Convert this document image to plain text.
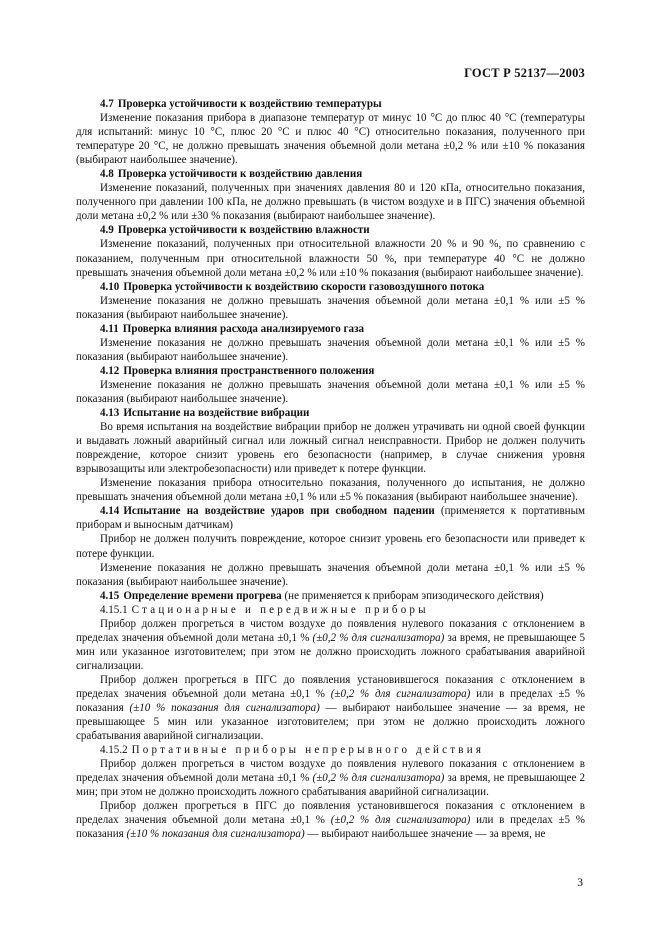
ГОСТ Р 52137—2003

4.7 Проверка устойчивости к воздействию температуры

Изменение показания прибора в диапазоне температур от минус 10 °С до плюс 40 °С (температуры для испытаний: минус 10 °С, плюс 20 °С и плюс 40 °С) относительно показания, полученного при температуре 20 °С, не должно превышать значения объемной доли метана ±0,2 % или ±10 % показания (выбирают наибольшее значение).

4.8 Проверка устойчивости к воздействию давления

Изменение показаний, полученных при значениях давления 80 и 120 кПа, относительно показания, полученного при давлении 100 кПа, не должно превышать (в чистом воздухе и в ПГС) значения объемной доли метана ±0,2 % или ±30 % показания (выбирают наибольшее значение).

4.9 Проверка устойчивости к воздействию влажности

Изменение показаний, полученных при относительной влажности 20 % и 90 %, по сравнению с показанием, полученным при относительной влажности 50 %, при температуре 40 °С не должно превышать значения объемной доли метана ±0,2 % или ±10 % показания (выбирают наибольшее значение).

4.10 Проверка устойчивости к воздействию скорости газовоздушного потока

Изменение показания не должно превышать значения объемной доли метана ±0,1 % или ±5 % показания (выбирают наибольшее значение).

4.11 Проверка влияния расхода анализируемого газа

Изменение показания не должно превышать значения объемной доли метана ±0,1 % или ±5 % показания (выбирают наибольшее значение).

4.12 Проверка влияния пространственного положения

Изменение показания не должно превышать значения объемной доли метана ±0,1 % или ±5 % показания (выбирают наибольшее значение).

4.13 Испытание на воздействие вибрации

Во время испытания на воздействие вибрации прибор не должен утрачивать ни одной своей функции и выдавать ложный аварийный сигнал или ложный сигнал неисправности. Прибор не должен получить повреждение, которое снизит уровень его безопасности (например, в случае снижения уровня взрывозащиты или электробезопасности) или приведет к потере функции.

Изменение показания прибора относительно показания, полученного до испытания, не должно превышать значения объемной доли метана ±0,1 % или ±5 % показания (выбирают наибольшее значение).

4.14 Испытание на воздействие ударов при свободном падении (применяется к портативным приборам и выносным датчикам)

Прибор не должен получить повреждение, которое снизит уровень его безопасности или приведет к потере функции.

Изменение показания не должно превышать значения объемной доли метана ±0,1 % или ±5 % показания (выбирают наибольшее значение).

4.15 Определение времени прогрева (не применяется к приборам эпизодического действия)

4.15.1 Стационарные и передвижные приборы

Прибор должен прогреться в чистом воздухе до появления нулевого показания с отклонением в пределах значения объемной доли метана ±0,1 % (±0,2 % для сигнализатора) за время, не превышающее 5 мин или указанное изготовителем; при этом не должно происходить ложного срабатывания аварийной сигнализации.

Прибор должен прогреться в ПГС до появления установившегося показания с отклонением в пределах значения объемной доли метана ±0,1 % (±0,2 % для сигнализатора) или в пределах ±5 % показания (±10 % показания для сигнализатора) — выбирают наибольшее значение — за время, не превышающее 5 мин или указанное изготовителем; при этом не должно происходить ложного срабатывания аварийной сигнализации.

4.15.2 Портативные приборы непрерывного действия

Прибор должен прогреться в чистом воздухе до появления нулевого показания с отклонением в пределах значения объемной доли метана ±0,1 % (±0,2 % для сигнализатора) за время, не превышающее 2 мин; при этом не должно происходить ложного срабатывания аварийной сигнализации.

Прибор должен прогреться в ПГС до появления установившегося показания с отклонением в пределах значения объемной доли метана ±0,1 % (±0,2 % для сигнализатора) или в пределах ±5 % показания (±10 % показания для сигнализатора) — выбирают наибольшее значение — за время, не

3
